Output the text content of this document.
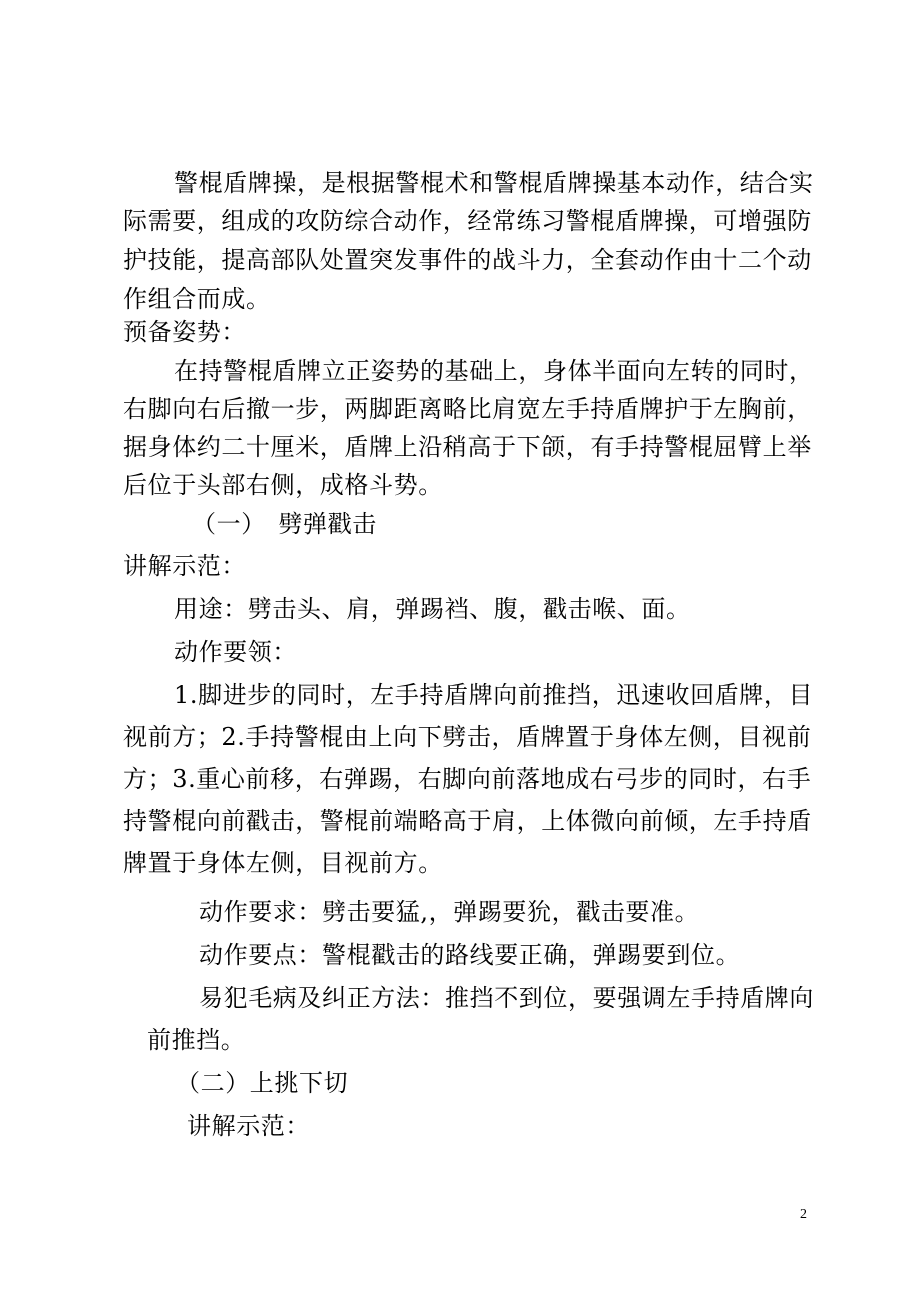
警棍盾牌操，是根据警棍术和警棍盾牌操基本动作，结合实
际需要，组成的攻防综合动作，经常练习警棍盾牌操，可增强防
护技能，提高部队处置突发事件的战斗力，全套动作由十二个动
作组合而成。
预备姿势：
在持警棍盾牌立正姿势的基础上，身体半面向左转的同时，
右脚向右后撤一步，两脚距离略比肩宽左手持盾牌护于左胸前，
据身体约二十厘米，盾牌上沿稍高于下颌，有手持警棍屈臂上举
后位于头部右侧，成格斗势。
（一）　劈弹戳击
讲解示范：
用途：劈击头、肩，弹踢裆、腹，戳击喉、面。
动作要领：
1.脚进步的同时，左手持盾牌向前推挡，迅速收回盾牌，目
视前方；2.手持警棍由上向下劈击，盾牌置于身体左侧，目视前
方；3.重心前移，右弹踢，右脚向前落地成右弓步的同时，右手
持警棍向前戳击，警棍前端略高于肩，上体微向前倾，左手持盾
牌置于身体左侧，目视前方。
动作要求：劈击要猛,，弹踢要狁，戳击要准。
动作要点：警棍戳击的路线要正确，弹踢要到位。
易犯毛病及纠正方法：推挡不到位，要强调左手持盾牌向
前推挡。
（二）上挑下切
讲解示范：
2
